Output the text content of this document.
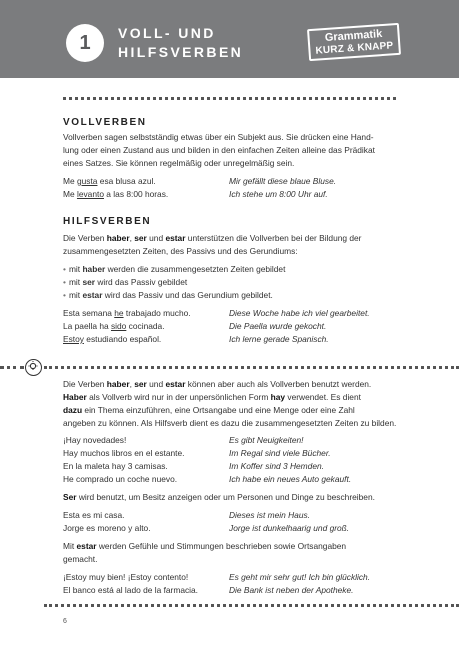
1	VOLL- UND
HILFSVERBEN
Grammatik
KURZ & KNAPP
VOLLVERBEN
Vollverben sagen selbstständig etwas über ein Subjekt aus. Sie drücken eine Hand-
lung oder einen Zustand aus und bilden in den einfachen Zeiten alleine das Prädikat
eines Satzes. Sie können regelmäßig oder unregelmäßig sein.
Me gusta esa blusa azul.	Mir gefällt diese blaue Bluse.
Me levanto a las 8:00 horas.	Ich stehe um 8:00 Uhr auf.
HILFSVERBEN
Die Verben haber, ser und estar unterstützen die Vollverben bei der Bildung der
zusammengesetzten Zeiten, des Passivs und des Gerundiums:
• mit haber werden die zusammengesetzten Zeiten gebildet
• mit ser wird das Passiv gebildet
• mit estar wird das Passiv und das Gerundium gebildet.
Esta semana he trabajado mucho.	Diese Woche habe ich viel gearbeitet.
La paella ha sido cocinada.	Die Paella wurde gekocht.
Estoy estudiando español.	Ich lerne gerade Spanisch.
Die Verben haber, ser und estar können aber auch als Vollverben benutzt werden.
Haber als Vollverb wird nur in der unpersönlichen Form hay verwendet. Es dient
dazu ein Thema einzuführen, eine Ortsangabe und eine Menge oder eine Zahl
angeben zu können. Als Hilfsverb dient es dazu die zusammengesetzten Zeiten zu bilden.
¡Hay novedades!	Es gibt Neuigkeiten!
Hay muchos libros en el estante.	Im Regal sind viele Bücher.
En la maleta hay 3 camisas.	Im Koffer sind 3 Hemden.
He comprado un coche nuevo.	Ich habe ein neues Auto gekauft.
Ser wird benutzt, um Besitz anzeigen oder um Personen und Dinge zu beschreiben.
Esta es mi casa.	Dieses ist mein Haus.
Jorge es moreno y alto.	Jorge ist dunkelhaarig und groß.
Mit estar werden Gefühle und Stimmungen beschrieben sowie Ortsangaben
gemacht.
¡Estoy muy bien! ¡Estoy contento!	Es geht mir sehr gut! Ich bin glücklich.
El banco está al lado de la farmacia.	Die Bank ist neben der Apotheke.
6
